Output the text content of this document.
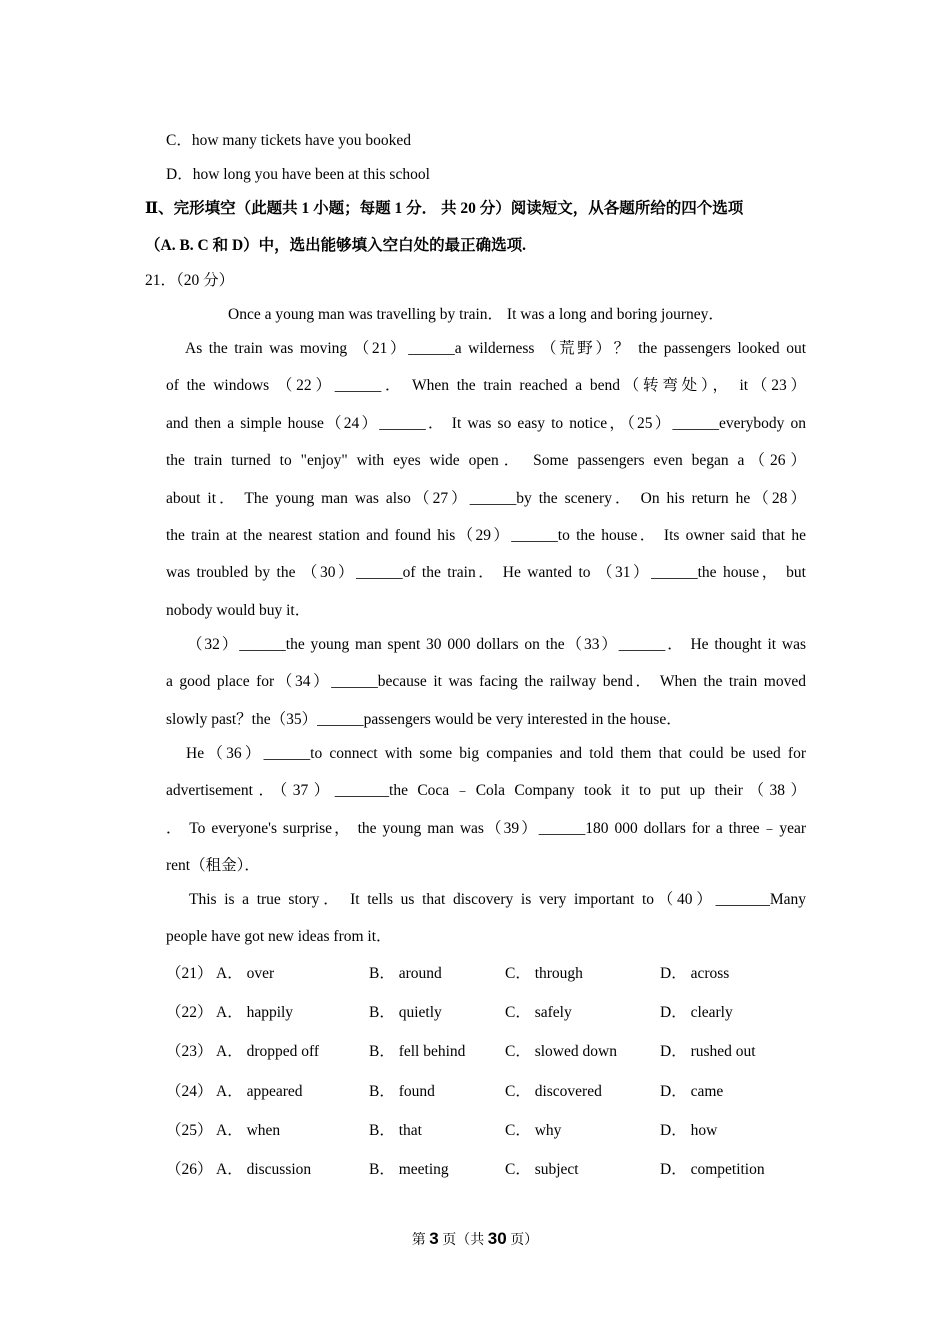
C．how many tickets have you booked
D．how long you have been at this school
Ⅱ、完形填空（此题共 1 小题；每题 1 分． 共 20 分）阅读短文，从各题所给的四个选项
（A. B. C 和 D）中，选出能够填入空白处的最正确选项.
21．（20 分）
Once a young man was travelling by train． It was a long and boring journey．
As the train was moving （21）______a wilderness （荒野）？ the passengers looked out
of the windows （22）______． When the train reached a bend（转弯处）， it（23）
and then a simple house（24）______． It was so easy to notice，（25）______everybody on
the train turned to "enjoy" with eyes wide open． Some passengers even began a（26）
about it． The young man was also（27）______by the scenery． On his return he（28）
the train at the nearest station and found his（29）______to the house． Its owner said that he
was troubled by the （30）______of the train． He wanted to （31）______the house， but
nobody would buy it．
（32）______the young man spent 30 000 dollars on the（33）______． He thought it was
a good place for（34）______because it was facing the railway bend． When the train moved
slowly past？the（35）______passengers would be very interested in the house．
He（36）______to connect with some big companies and told them that could be used for
advertisement．（37）_______the Coca﹣Cola Company took it to put up their（38）
． To everyone's surprise， the young man was（39）______180 000 dollars for a three﹣year
rent（租金）．
This is a true story． It tells us that discovery is very important to（40）_______Many
people have got new ideas from it．
（21） A． over	B． around	C． through	D． across
（22） A． happily	B． quietly	C． safely	D． clearly
（23） A． dropped off	B． fell behind	C． slowed down	D． rushed out
（24） A． appeared	B． found	C． discovered	D． came
（25） A． when	B． that	C． why	D． how
（26） A． discussion	B． meeting	C． subject	D． competition
第 3 页（共 30 页）
